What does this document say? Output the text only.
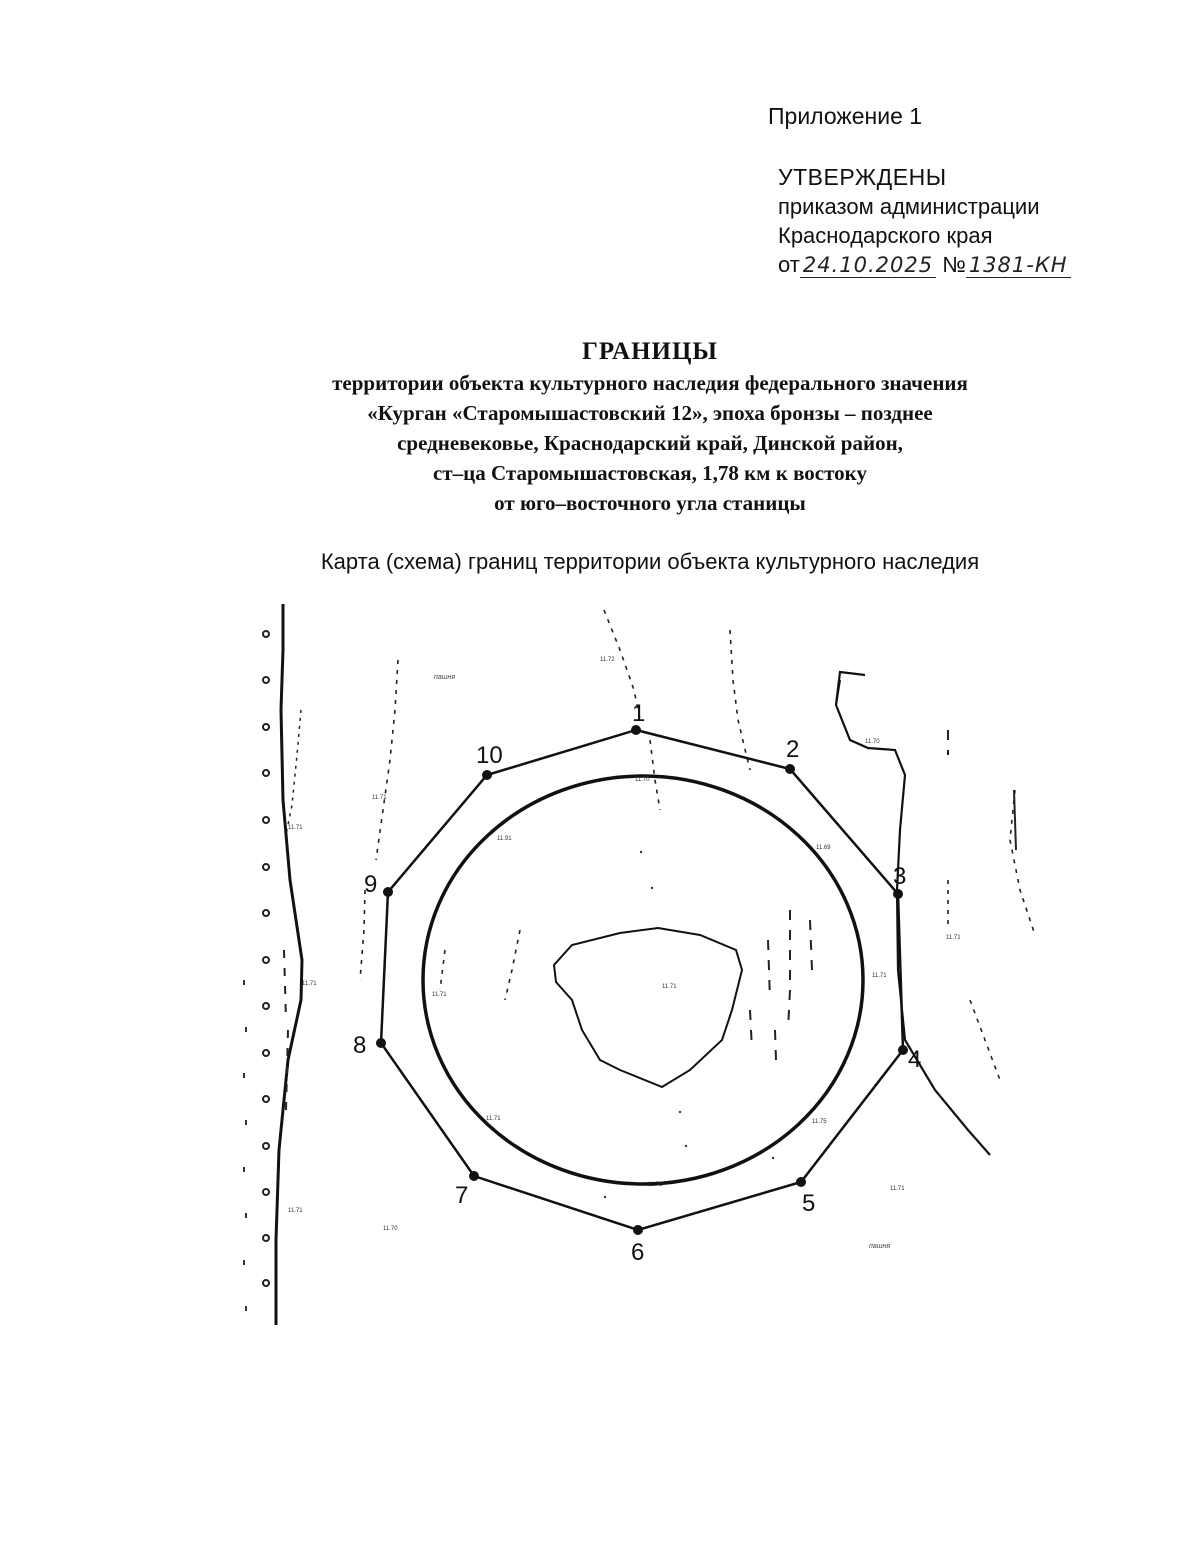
Приложение 1
УТВЕРЖДЕНЫ
приказом администрации
Краснодарского края
от 24.10.2025 № 1381-КН
ГРАНИЦЫ
территории объекта культурного наследия федерального значения
«Курган «Старомышастовский 12», эпоха бронзы – позднее
средневековье, Краснодарский край, Динской район,
ст–ца Старомышастовская, 1,78 км к востоку
от юго–восточного угла станицы
Карта (схема) границ территории объекта культурного наследия
1
2
3
4
5
6
7
8
9
10
11.72
11.70
11.71
11.71
11.91
11.69
11.70
11.71
11.71
11.71
11.71
11.71
11.71	11.75
11.72
11.71
11.71
11.70
пашня
пашня
